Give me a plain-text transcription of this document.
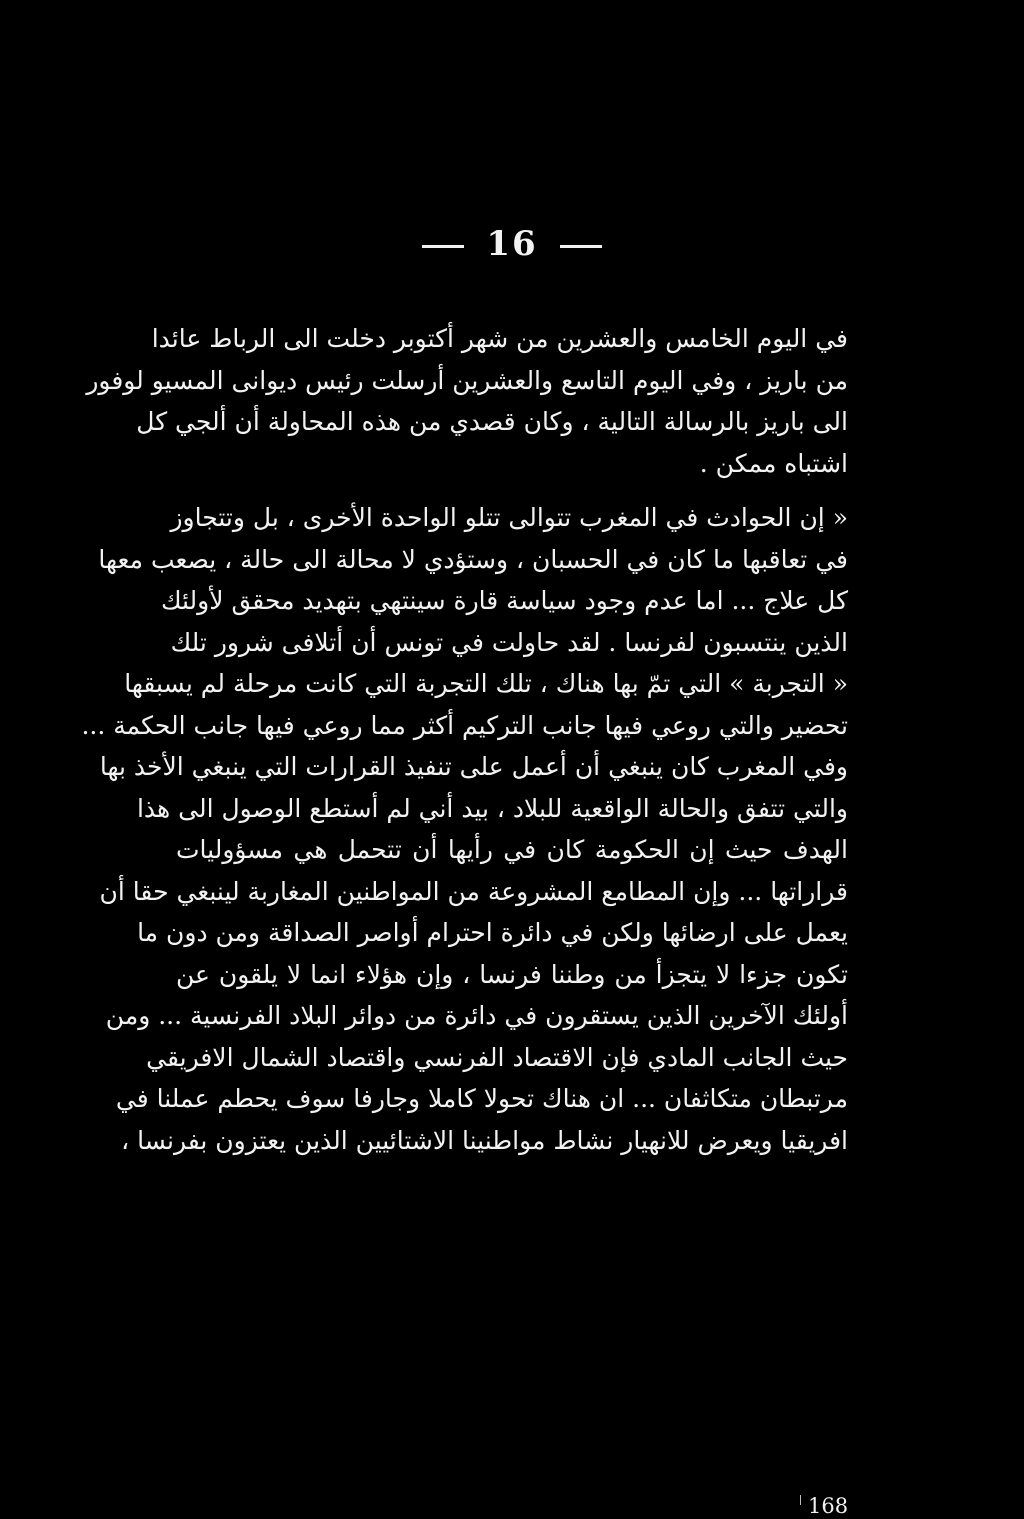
16
في اليوم الخامس والعشرين من شهر أكتوبر دخلت الى الرباط عائدا
من باريز ، وفي اليوم التاسع والعشرين أرسلت رئيس ديوانى المسيو لوفور
الى باريز بالرسالة التالية ، وكان قصدي من هذه المحاولة أن ألجي كل
اشتباه ممكن .
« إن الحوادث في المغرب تتوالى تتلو الواحدة الأخرى ، بل وتتجاوز
في تعاقبها ما كان في الحسبان ، وستؤدي لا محالة الى حالة ، يصعب معها
كل علاج ... اما عدم وجود سياسة قارة سينتهي بتهديد محقق لأولئك
الذين ينتسبون لفرنسا . لقد حاولت في تونس أن أتلافى شرور تلك
« التجربة » التي تمّ بها هناك ، تلك التجربة التي كانت مرحلة لم يسبقها
تحضير والتي روعي فيها جانب التركيم أكثر مما روعي فيها جانب الحكمة ...
وفي المغرب كان ينبغي أن أعمل على تنفيذ القرارات التي ينبغي الأخذ بها
والتي تتفق والحالة الواقعية للبلاد ، بيد أني لم أستطع الوصول الى هذا
الهدف حيث إن الحكومة كان في رأيها أن تتحمل هي مسؤوليات
قراراتها ... وإن المطامع المشروعة من المواطنين المغاربة لينبغي حقا أن
يعمل على ارضائها ولكن في دائرة احترام أواصر الصداقة ومن دون ما
تكون جزءا لا يتجزأ من وطننا فرنسا ، وإن هؤلاء انما لا يلقون عن
أولئك الآخرين الذين يستقرون في دائرة من دوائر البلاد الفرنسية ... ومن
حيث الجانب المادي فإن الاقتصاد الفرنسي واقتصاد الشمال الافريقي
مرتبطان متكاثفان ... ان هناك تحولا كاملا وجارفا سوف يحطم عملنا في
افريقيا ويعرض للانهيار نشاط مواطنينا الاشتائيين الذين يعتزون بفرنسا ،
168
